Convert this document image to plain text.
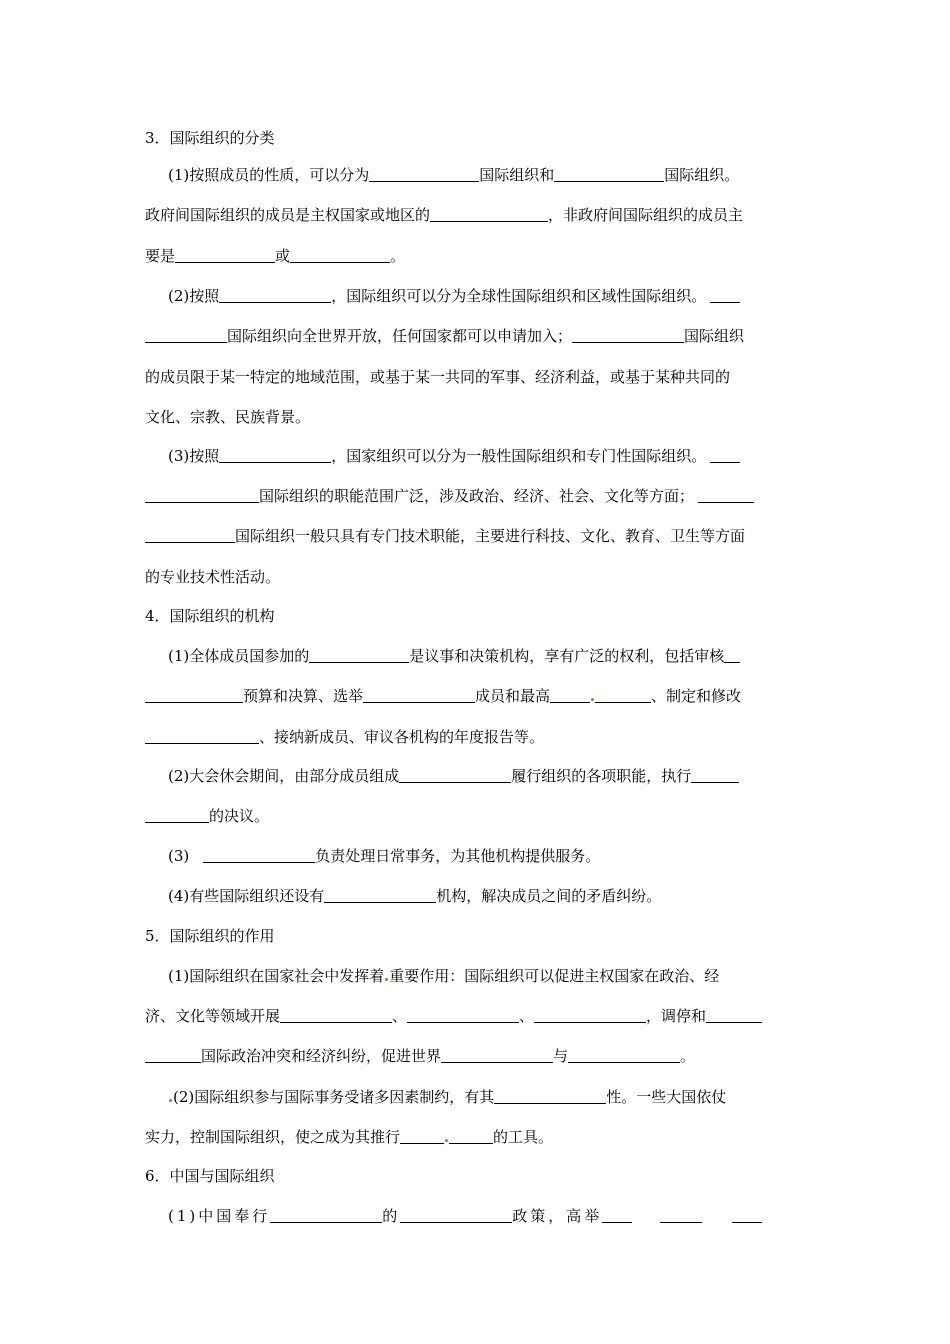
3．国际组织的分类
(1)按照成员的性质，可以分为	国际组织和	国际组织。
政府间国际组织的成员是主权国家或地区的	，非政府间国际组织的成员主
要是	或	。
(2)按照	，国际组织可以分为全球性国际组织和区域性国际组织。
国际组织向全世界开放，任何国家都可以申请加入；	国际组织
的成员限于某一特定的地域范围，或基于某一共同的军事、经济利益，或基于某种共同的
文化、宗教、民族背景。
(3)按照	，国家组织可以分为一般性国际组织和专门性国际组织。
国际组织的职能范围广泛，涉及政治、经济、社会、文化等方面；
国际组织一般只具有专门技术职能，主要进行科技、文化、教育、卫生等方面
的专业技术性活动。
4．国际组织的机构
(1)全体成员国参加的	是议事和决策机构，享有广泛的权利，包括审核
预算和决算、选举	成员和最高	、制定和修改
、接纳新成员、审议各机构的年度报告等。
(2)大会休会期间，由部分成员组成	履行组织的各项职能，执行
的决议。
(3)	负责处理日常事务，为其他机构提供服务。
(4)有些国际组织还设有	机构，解决成员之间的矛盾纠纷。
5．国际组织的作用
(1)国际组织在国家社会中发挥着 重要作用：国际组织可以促进主权国家在政治、经
济、文化等领域开展	、	、	，调停和
国际政治冲突和经济纠纷，促进世界	与	。
(2)国际组织参与国际事务受诸多因素制约，有其	性。一些大国依仗
实力，控制国际组织，使之成为其推行	的工具。
6．中国与国际组织
(1)中国奉行	的	政策，高举
